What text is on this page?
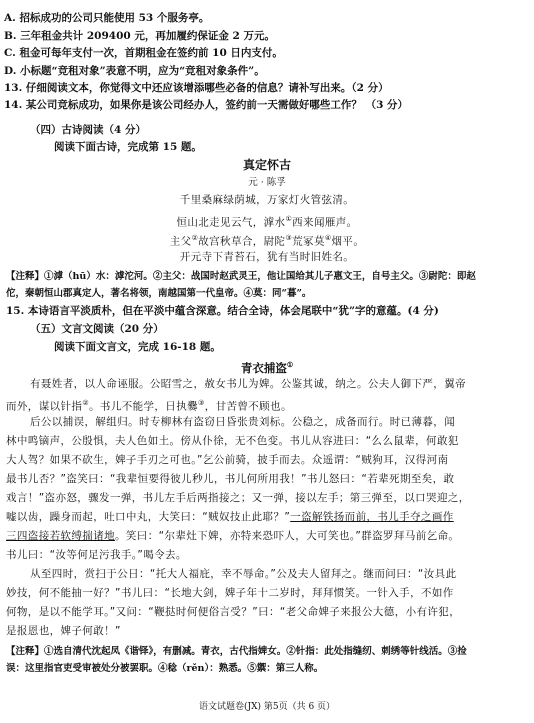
A. 招标成功的公司只能使用 53 个服务亭。
B. 三年租金共计 209400 元，再加履约保证金 2 万元。
C. 租金可每年支付一次，首期租金在签约前 10 日内支付。
D. 小标题“竞租对象”表意不明，应为“竞租对象条件”。
13. 仔细阅读文本，你觉得文中还应该增添哪些必备的信息？请补写出来。（2 分）
14. 某公司竞标成功，如果你是该公司经办人，签约前一天需做好哪些工作？ （3 分）
（四）古诗阅读（4 分）
阅读下面古诗，完成第 15 题。
真定怀古
元 · 陈孚
千里桑麻绿荫城，万家灯火管弦清。
恒山北走见云气，滹水①西来闻雁声。
主父②故宫秋草合，尉陀③荒冢莫④烟平。
开元寺下青苔石，犹有当时旧姓名。
【注释】①滹（hū）水：滹沱河。②主父：战国时赵武灵王，他让国给其儿子惠文王，自号主父。③尉陀：即赵
佗，秦朝恒山郡真定人，著名将领，南越国第一代皇帝。④莫：同“暮”。
15. 本诗语言平淡质朴，但在平淡中蕴含深意。结合全诗，体会尾联中“犹”字的意蕴。(4 分)
（五）文言文阅读（20 分）
阅读下面文言文，完成 16-18 题。
青衣捕盗①
有聂姓者，以人命诬服。公昭雪之，赦女书儿为婢。公鉴其诚，纳之。公夫人御下严，翼帝
而外，谋以针指②。书儿不能学，日执爨③，甘苦曾不顾也。
后公以捕误，解组归。时专柳林有盗窃日昏张贵刘标。公稳之，成备而行。时已薄暮，闻
林中鸣镝声，公殷惧，夫人色如土。傍从仆徐，无不色变。书儿从容进曰：“么么鼠辈，何敢犯
大人驾？如果不砍生，婢子手刃之可也。”乞公前骑，披手而去。众遥谓：“贼狗耳，汉得河南
最书儿否？”盗笑曰：“我辈恒要得彼儿秒儿，书儿何所用我！”书儿怒曰：“若辈死期至矣，敢
戏言！”盗亦怒，骤发一弹，书儿左手后两指接之；又一弹，接以左手；第三弹至，以口哭迎之，
嘘以齿，躁身而起，吐口中丸，大笑曰：“贼奴技止此耶？”一盗解铁扬而前，书儿手夺之画作
三四盗接若软缚揣诸地。笑曰：“尔辈灶下婢，亦特来恐吓人，大可笑也。”群盗罗拜马前乞命。
书儿曰：“汝等何足污我手。”喝令去。
从至四时，赏扫于公日：“托大人福庇，幸不辱命。”公及夫人留拜之。继而问曰：“汝具此
妙技，何不能抽一好？”书儿曰：“长地大剑，婢子年十二岁时，拜拜惯笑。一针入手，不如作
何物，是以不能学耳。”又问：“鞭挞时何便俗言受？”曰：“老父命婢子来报公大德，小有许犯，
是报恩也，婢子何敢！”
【注释】①选自清代沈起凤《谐铎》，有删减。青衣，古代指婢女。②针指：此处指缝纫、刺绣等针线活。③捡
误：这里指官吏受审被处分被罢职。④稔（rěn）：熟悉。⑤禦：第三人称。
语文试题卷(JX) 第5页（共 6 页）
